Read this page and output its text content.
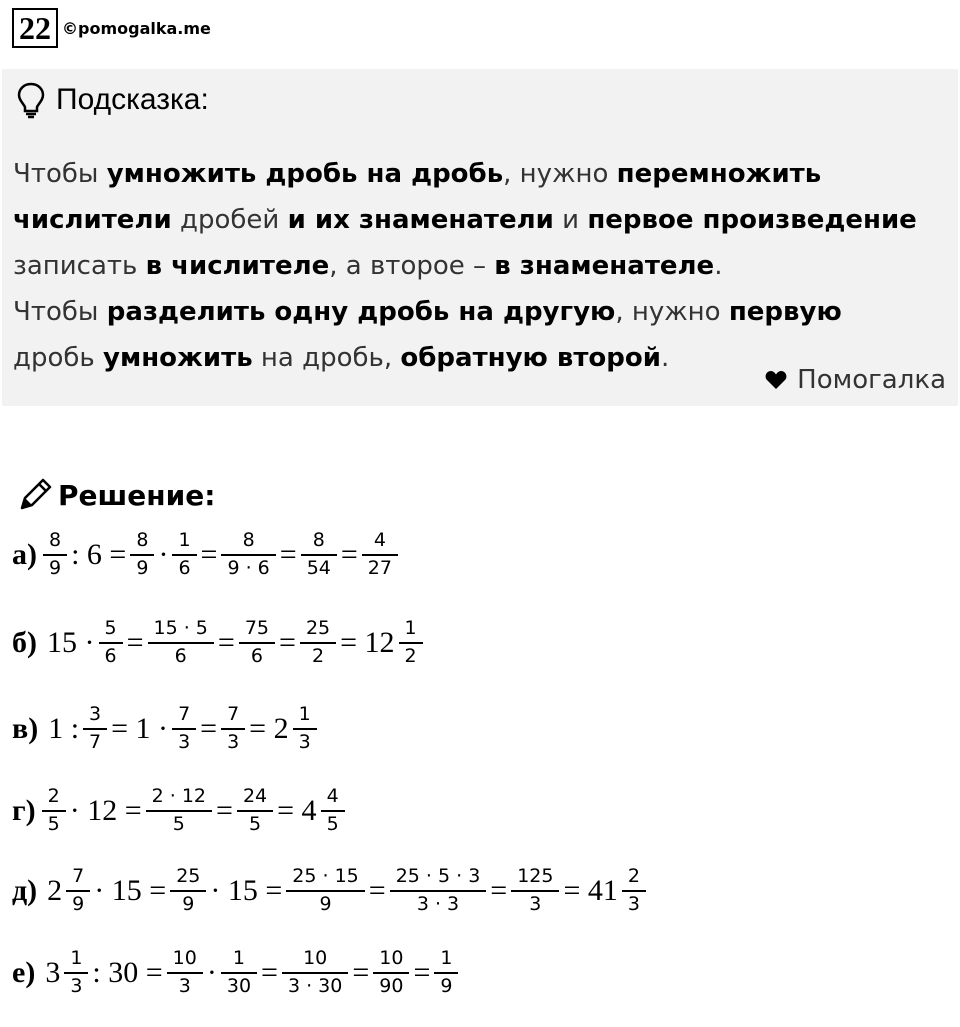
22 ©pomogalka.me
Подсказка:
Чтобы умножить дробь на дробь, нужно перемножить
числители дробей и их знаменатели и первое произведение
записать в числителе, а второе – в знаменателе.
Чтобы разделить одну дробь на другую, нужно первую
дробь умножить на дробь, обратную второй.
Помогалка
Решение:
$а) \frac{8}{9}$ : $6 = \frac{8}{9} \cdot \frac{1}{6} = \frac{8}{9 \cdot 6} = \frac{8}{54} = \frac{4}{27}$
б) $15 \cdot \frac{5}{6} = \frac{15 \cdot 5}{6} = \frac{75}{6} = \frac{25}{2} = 12 \frac{1}{2}$
в) 1 : $\frac{3}{7} = 1 \cdot \frac{7}{3} = \frac{7}{3} = 2 \frac{1}{3}$
$г) \frac{2}{5} \cdot 12 = \frac{2 \cdot 12}{5} = \frac{24}{5} = 4 \frac{4}{5}$
д) $2 \frac{7}{9} \cdot 15 = \frac{25}{9} \cdot 15 = \frac{25 \cdot 15}{9} = \frac{25 \cdot 5 \cdot 3}{3 \cdot 3} = \frac{125}{3} = 41 \frac{2}{3}$
е) $3 \frac{1}{3}$ : $30 = \frac{10}{3} \cdot \frac{1}{30} = \frac{10}{3 \cdot 30} = \frac{10}{90} = \frac{1}{9}$
